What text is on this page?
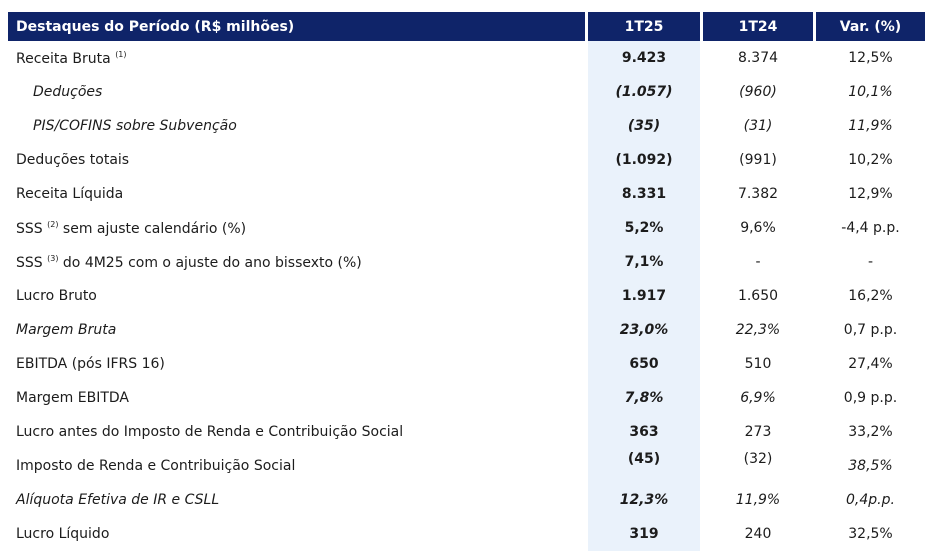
Destaques do Período (R$ milhões)	1T25	1T24	Var. (%)
Receita Bruta $^{(1)}$	9.423	8.374	12,5%
Deduções	(1.057)	(960)	10,1%
PIS/COFINS sobre Subvenção	(35)	(31)	11,9%
Deduções totais	(1.092)	(991)	10,2%
Receita Líquida	8.331	7.382	12,9%
SSS $^{(2)}$ sem ajuste calendário (%)	5,2%	9,6%	-4,4 p.p.
SSS $^{(3)}$ do 4M25 com o ajuste do ano bissexto (%)	7,1%	-	-
Lucro Bruto	1.917	1.650	16,2%
Margem Bruta	23,0%	22,3%	0,7 p.p.
EBITDA (pós IFRS 16)	650	510	27,4%
Margem EBITDA	7,8%	6,9%	0,9 p.p.
Lucro antes do Imposto de Renda e Contribuição Social	363	273	33,2%
Imposto de Renda e Contribuição Social	(45)	(32)	38,5%
Alíquota Efetiva de IR e CSLL	12,3%	11,9%	0,4p.p.
Lucro Líquido	319	240	32,5%
